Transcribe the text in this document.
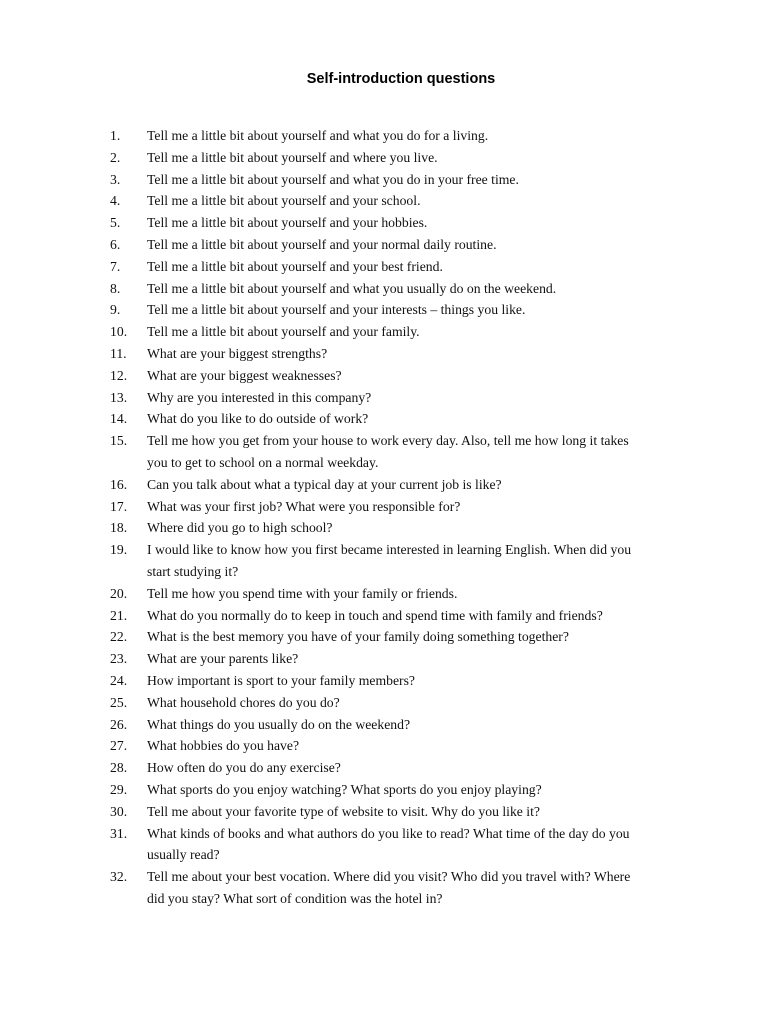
Self-introduction questions
1. Tell me a little bit about yourself and what you do for a living.
2. Tell me a little bit about yourself and where you live.
3. Tell me a little bit about yourself and what you do in your free time.
4. Tell me a little bit about yourself and your school.
5. Tell me a little bit about yourself and your hobbies.
6. Tell me a little bit about yourself and your normal daily routine.
7. Tell me a little bit about yourself and your best friend.
8. Tell me a little bit about yourself and what you usually do on the weekend.
9. Tell me a little bit about yourself and your interests – things you like.
10. Tell me a little bit about yourself and your family.
11. What are your biggest strengths?
12. What are your biggest weaknesses?
13. Why are you interested in this company?
14. What do you like to do outside of work?
15. Tell me how you get from your house to work every day. Also, tell me how long it takes
you to get to school on a normal weekday.
16. Can you talk about what a typical day at your current job is like?
17. What was your first job? What were you responsible for?
18. Where did you go to high school?
19. I would like to know how you first became interested in learning English. When did you
start studying it?
20. Tell me how you spend time with your family or friends.
21. What do you normally do to keep in touch and spend time with family and friends?
22. What is the best memory you have of your family doing something together?
23. What are your parents like?
24. How important is sport to your family members?
25. What household chores do you do?
26. What things do you usually do on the weekend?
27. What hobbies do you have?
28. How often do you do any exercise?
29. What sports do you enjoy watching? What sports do you enjoy playing?
30. Tell me about your favorite type of website to visit. Why do you like it?
31. What kinds of books and what authors do you like to read? What time of the day do you
usually read?
32. Tell me about your best vocation. Where did you visit? Who did you travel with? Where
did you stay? What sort of condition was the hotel in?
